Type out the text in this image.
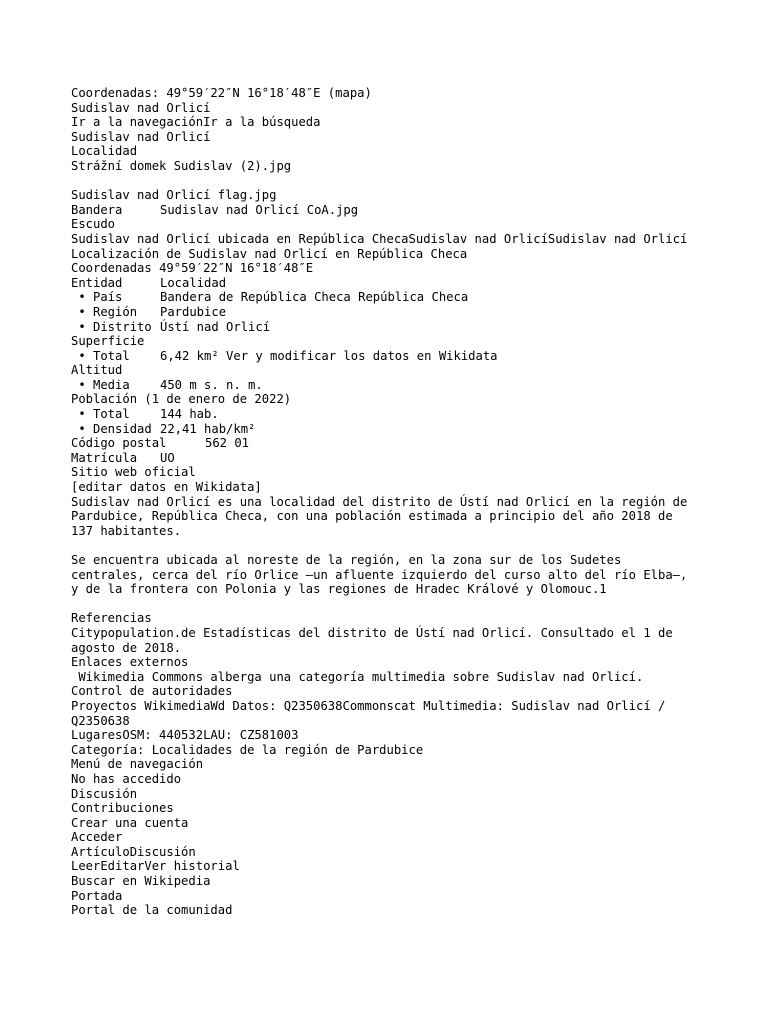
Coordenadas: 49°59′22″N 16°18′48″E (mapa)
Sudislav nad Orlicí
Ir a la navegaciónIr a la búsqueda
Sudislav nad Orlicí
Localidad
Strážní domek Sudislav (2).jpg
Sudislav nad Orlicí flag.jpg
Bandera	Sudislav nad Orlicí CoA.jpg
Escudo
Sudislav nad Orlicí ubicada en República ChecaSudislav nad OrlicíSudislav nad Orlicí
Localización de Sudislav nad Orlicí en República Checa
Coordenadas 49°59′22″N 16°18′48″E
Entidad	Localidad
• País	Bandera de República Checa República Checa
• Región Pardubice
• Distrito Ústí nad Orlicí
Superficie
• Total 6,42 km² Ver y modificar los datos en Wikidata
Altitud
• Media 450 m s. n. m.
Población (1 de enero de 2022)
• Total 144 hab.
• Densidad 22,41 hab/km²
Código postal	562 01
Matrícula UO
Sitio web oficial
[editar datos en Wikidata]
Sudislav nad Orlicí es una localidad del distrito de Ústí nad Orlicí en la región de Pardubice, República Checa, con una población estimada a principio del año 2018 de 137 habitantes.
Se encuentra ubicada al noreste de la región, en la zona sur de los Sudetes centrales, cerca del río Orlice —un afluente izquierdo del curso alto del río Elba—, y de la frontera con Polonia y las regiones de Hradec Králové y Olomouc.1
Referencias
Citypopulation.de Estadísticas del distrito de Ústí nad Orlicí. Consultado el 1 de agosto de 2018.
Enlaces externos
Wikimedia Commons alberga una categoría multimedia sobre Sudislav nad Orlicí.
Control de autoridades
Proyectos WikimediaWd Datos: Q2350638Commonscat Multimedia: Sudislav nad Orlicí / Q2350638
LugaresOSM: 440532LAU: CZ581003
Categoría: Localidades de la región de Pardubice
Menú de navegación
No has accedido
Discusión
Contribuciones
Crear una cuenta
Acceder
ArtículoDiscusión
LeerEditarVer historial
Buscar en Wikipedia
Portada
Portal de la comunidad
